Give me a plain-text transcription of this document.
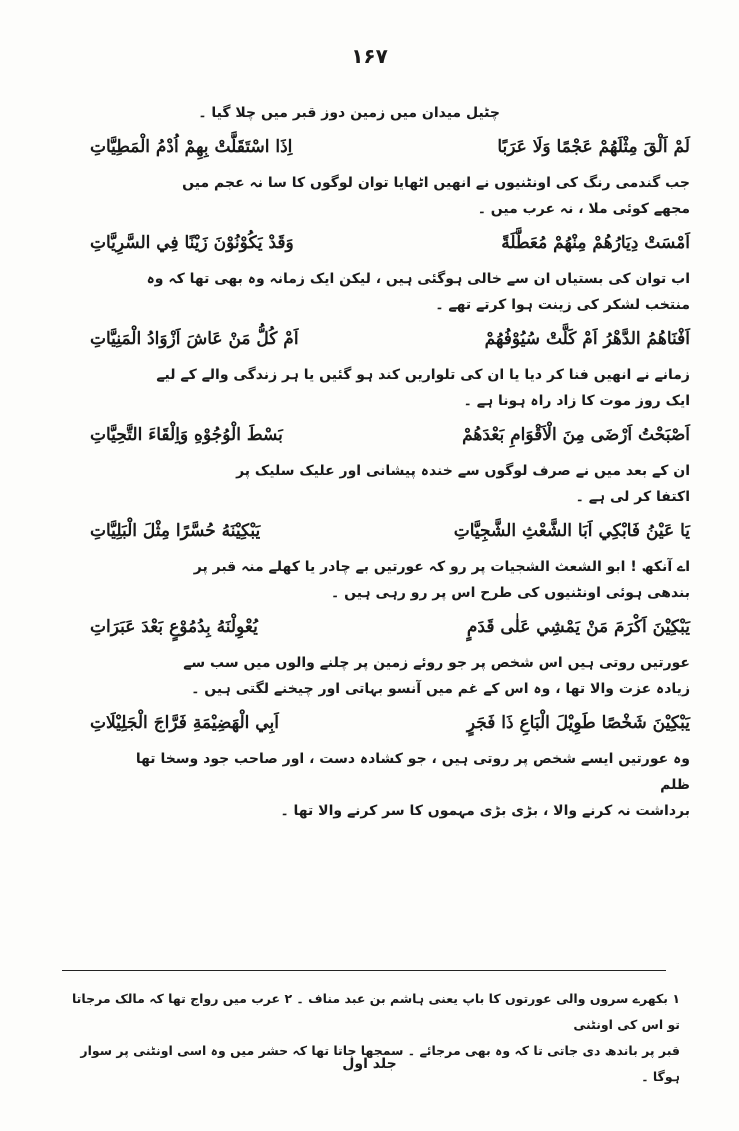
۱۶۷

چٹیل میدان میں زمین دوز قبر میں چلا گیا ۔

لَمْ اَلْقَ مِثْلَهُمْ عَجْمًا وَلَا عَرَبًا
اِذَا اسْتَقَلَّتْ بِهِمْ اُدْمُ الْمَطِيَّاتِ

جب گندمی رنگ کی اونٹنیوں نے انھیں اٹھایا توان لوگوں کا سا نہ عجم میں
مجھے کوئی ملا ، نہ عرب میں ۔

اَمْسَتْ دِيَارُهُمْ مِنْهُمْ مُعَطَّلَةً
وَقَدْ يَكُوْنُوْنَ زَيْنًا فِي السَّرِيَّاتِ

اب توان کی بستیاں ان سے خالی ہوگئی ہیں ، لیکن ایک زمانہ وہ بھی تھا کہ وہ
منتخب لشکر کی زینت ہوا کرتے تھے ۔

اَفْنَاهُمُ الدَّهْرُ اَمْ كَلَّتْ سُيُوْفُهُمْ
اَمْ كُلُّ مَنْ عَاشَ اَزْوَادُ الْمَنِيَّاتِ

زمانے نے انھیں فنا کر دیا یا ان کی تلواریں کند ہو گئیں یا ہر زندگی والے کے لیے
ایک روز موت کا زاد راہ ہونا ہے ۔

اَصْبَحْتُ اَرْضَى مِنَ الْاَقْوَامِ بَعْدَهُمْ
بَسْطَ الْوُجُوْهِ وَاِلْقَاءَ التَّحِيَّاتِ

ان کے بعد میں نے صرف لوگوں سے خندہ پیشانی اور علیک سلیک پر
اکتفا کر لی ہے ۔

يَا عَيْنُ فَابْكِي اَبَا الشَّعْثِ الشَّجِيَّاتِ
يَبْكِيْنَهُ حُسَّرًا مِثْلَ الْبَلِيَّاتِ

اے آنکھ ! ابو الشعث الشجیات پر رو کہ عورتیں بے چادر یا کھلے منہ قبر پر
بندھی ہوئی اونٹنیوں کی طرح اس پر رو رہی ہیں ۔

يَبْكِيْنَ اَكْرَمَ مَنْ يَمْشِي عَلٰى قَدَمٍ
يُعْوِلْنَهُ بِدُمُوْعٍ بَعْدَ عَبَرَاتِ

عورتیں روتی ہیں اس شخص پر جو روئے زمین پر چلنے والوں میں سب سے
زیادہ عزت والا تھا ، وہ اس کے غم میں آنسو بہاتی اور چیخنے لگتی ہیں ۔

يَبْكِيْنَ شَخْصًا طَوِيْلَ الْبَاعِ ذَا فَجَرٍ
اَبِي الْهَضِيْمَةِ فَرَّاجَ الْجَلِيْلَاتِ

وہ عورتیں ایسے شخص پر روتی ہیں ، جو کشادہ دست ، اور صاحب جود وسخا تھا ظلم
برداشت نہ کرنے والا ، بڑی بڑی مہموں کا سر کرنے والا تھا ۔

۱ بکھرے سروں والی عورتوں کا باپ یعنی ہاشم بن عبد مناف ۔ ۲ عرب میں رواج تھا کہ مالک مرجاتا تو اس کی اونٹنی

قبر پر باندھ دی جاتی تا کہ وہ بھی مرجائے ۔ سمجھا جاتا تھا کہ حشر میں وہ اسی اونٹنی پر سوار ہوگا ۔

جلد اول
